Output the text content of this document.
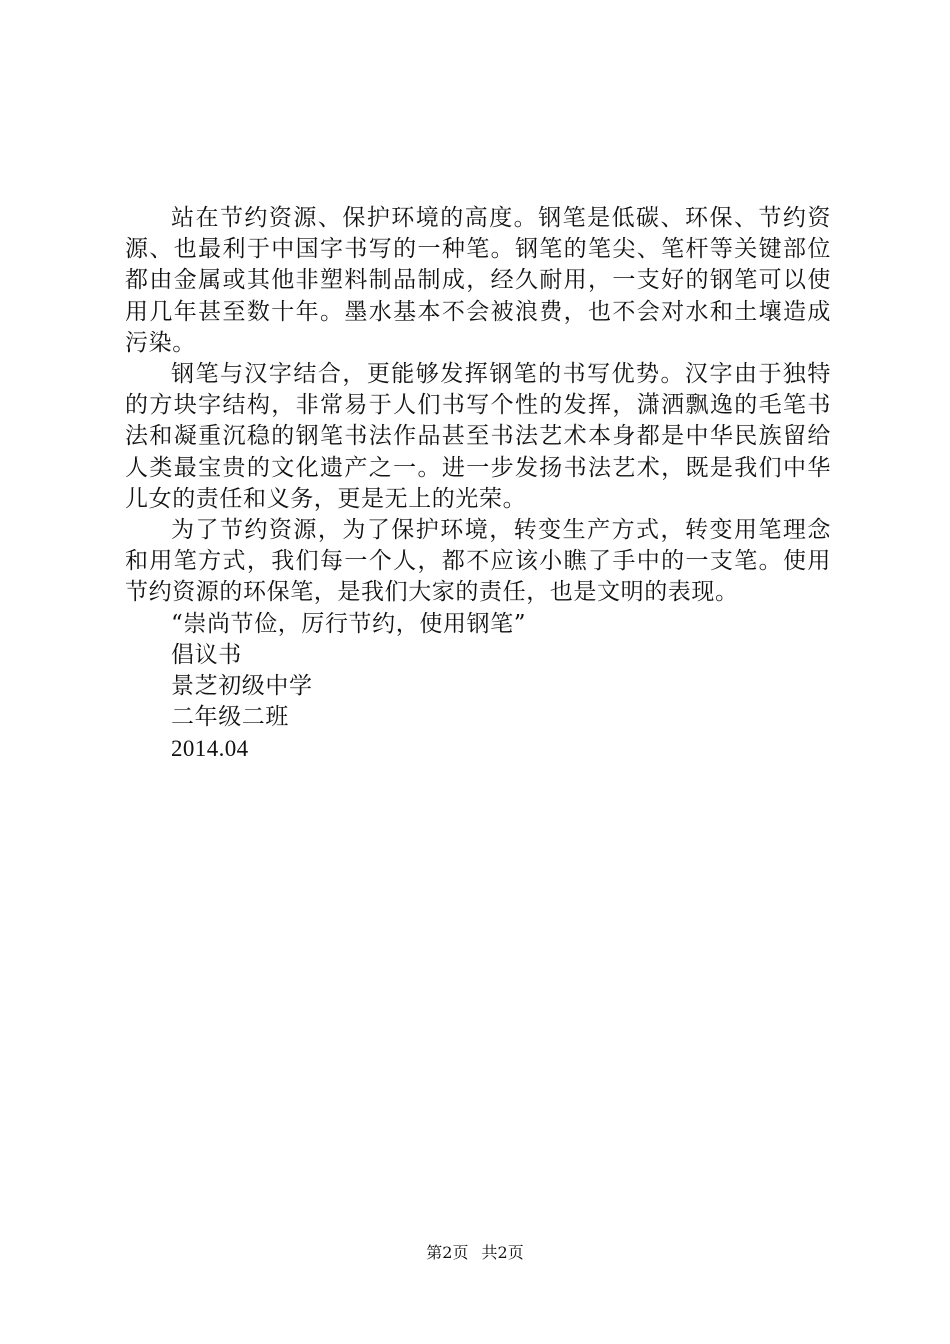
站在节约资源、保护环境的高度。钢笔是低碳、环保、节约资源、也最利于中国字书写的一种笔。钢笔的笔尖、笔杆等关键部位都由金属或其他非塑料制品制成，经久耐用，一支好的钢笔可以使用几年甚至数十年。墨水基本不会被浪费，也不会对水和土壤造成污染。

钢笔与汉字结合，更能够发挥钢笔的书写优势。汉字由于独特的方块字结构，非常易于人们书写个性的发挥，潇洒飘逸的毛笔书法和凝重沉稳的钢笔书法作品甚至书法艺术本身都是中华民族留给人类最宝贵的文化遗产之一。进一步发扬书法艺术，既是我们中华儿女的责任和义务，更是无上的光荣。

为了节约资源，为了保护环境，转变生产方式，转变用笔理念和用笔方式，我们每一个人，都不应该小瞧了手中的一支笔。使用节约资源的环保笔，是我们大家的责任，也是文明的表现。

“崇尚节俭，厉行节约，使用钢笔”

倡议书

景芝初级中学

二年级二班

2014.04

第2页 共2页
